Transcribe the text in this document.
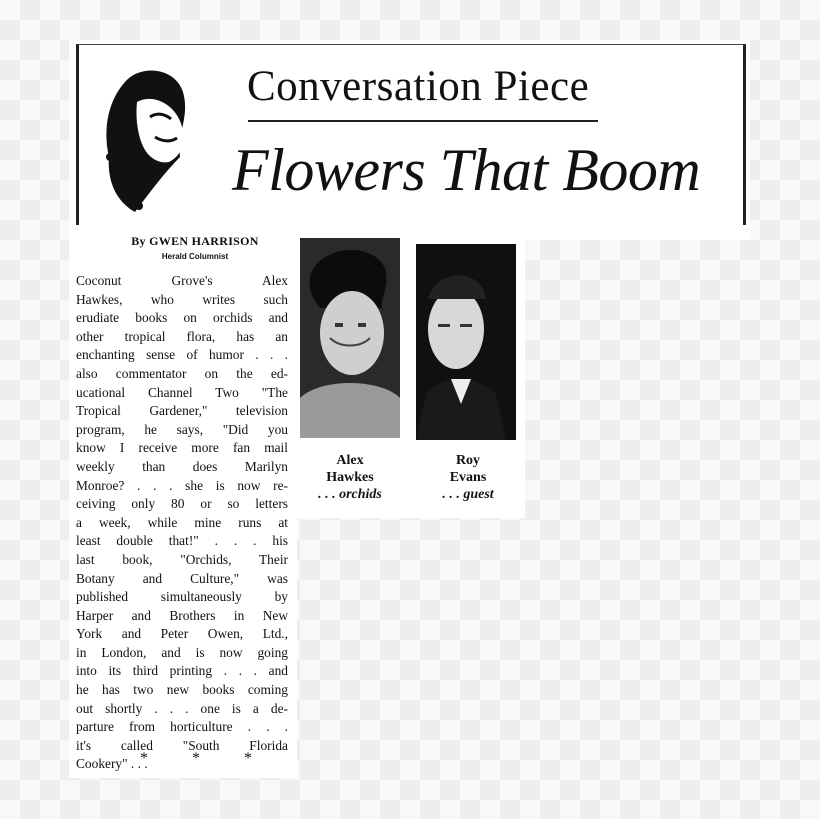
Conversation Piece
Flowers That Boom
By GWEN HARRISON
Herald Columnist
Coconut Grove's Alex
Hawkes, who writes such
erudiate books on orchids and
other tropical flora, has an
enchanting sense of humor . . .
also commentator on the ed-
ucational Channel Two "The
Tropical Gardener," television
program, he says, "Did you
know I receive more fan mail
weekly than does Marilyn
Monroe? . . . she is now re-
ceiving only 80 or so letters
a week, while mine runs at
least double that!" . . . his
last book, "Orchids, Their
Botany and Culture," was
published simultaneously by
Harper and Brothers in New
York and Peter Owen, Ltd.,
in London, and is now going
into its third printing . . . and
he has two new books coming
out shortly . . . one is a de-
parture from horticulture . . .
it's called "South Florida
Cookery" . . .
* * *
Alex
Hawkes
. . . orchids
Roy
Evans
. . . guest
